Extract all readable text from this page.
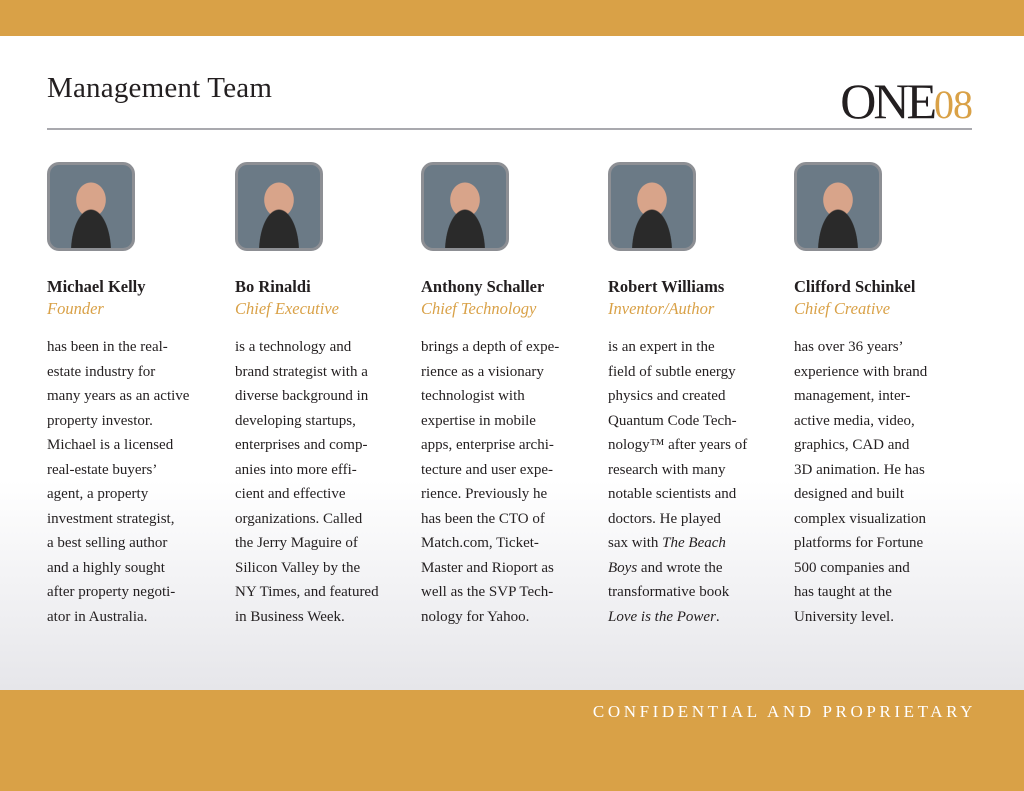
Management Team	ONE08
Michael Kelly
Founder
has been in the real-
estate industry for
many years as an active
property investor.
Michael is a licensed
real-estate buyers’
agent, a property
investment strategist,
a best selling author
and a highly sought
after property negoti-
ator in Australia.
Bo Rinaldi
Chief Executive
is a technology and
brand strategist with a
diverse background in
developing startups,
enterprises and comp-
anies into more effi-
cient and effective
organizations. Called
the Jerry Maguire of
Silicon Valley by the
NY Times, and featured
in Business Week.
Anthony Schaller
Chief Technology
brings a depth of expe-
rience as a visionary
technologist with
expertise in mobile
apps, enterprise archi-
tecture and user expe-
rience. Previously he
has been the CTO of
Match.com, Ticket-
Master and Rioport as
well as the SVP Tech-
nology for Yahoo.
Robert Williams
Inventor/Author
is an expert in the
field of subtle energy
physics and created
Quantum Code Tech-
nology™ after years of
research with many
notable scientists and
doctors. He played
sax with The Beach
Boys and wrote the
transformative book
Love is the Power.
Clifford Schinkel
Chief Creative
has over 36 years’
experience with brand
management, inter-
active media, video,
graphics, CAD and
3D animation. He has
designed and built
complex visualization
platforms for Fortune
500 companies and
has taught at the
University level.

CONFIDENTIAL AND PROPRIETARY
